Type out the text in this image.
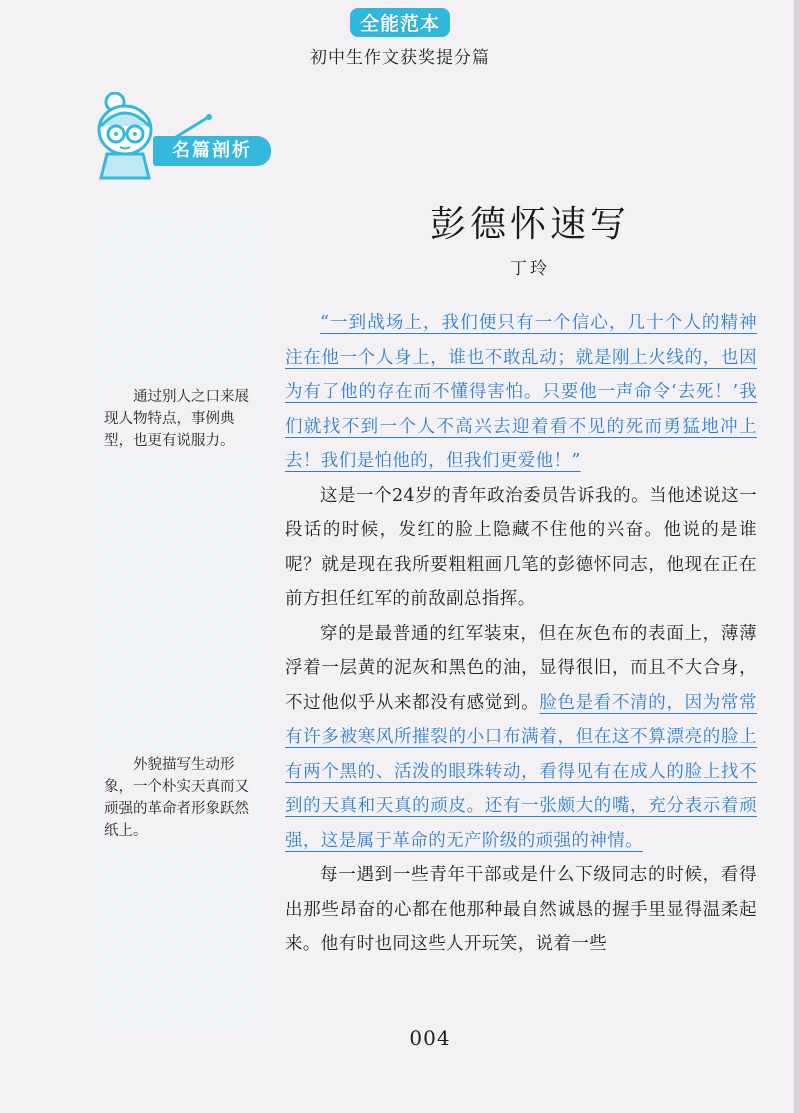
全能范本
初中生作文获奖提分篇
名篇剖析
通过别人之口来展现人物特点，事例典型，也更有说服力。
外貌描写生动形象，一个朴实天真而又顽强的革命者形象跃然纸上。
彭德怀速写
丁玲

“一到战场上，我们便只有一个信心，几十个人的精神注在他一个人身上，谁也不敢乱动；就是刚上火线的，也因为有了他的存在而不懂得害怕。只要他一声命令‘去死！’我们就找不到一个人不高兴去迎着看不见的死而勇猛地冲上去！我们是怕他的，但我们更爱他！”

这是一个24岁的青年政治委员告诉我的。当他述说这一段话的时候，发红的脸上隐藏不住他的兴奋。他说的是谁呢？就是现在我所要粗粗画几笔的彭德怀同志，他现在正在前方担任红军的前敌副总指挥。

穿的是最普通的红军装束，但在灰色布的表面上，薄薄浮着一层黄的泥灰和黑色的油，显得很旧，而且不大合身，不过他似乎从来都没有感觉到。脸色是看不清的，因为常常有许多被寒风所摧裂的小口布满着，但在这不算漂亮的脸上有两个黑的、活泼的眼珠转动，看得见有在成人的脸上找不到的天真和天真的顽皮。还有一张颇大的嘴，充分表示着顽强，这是属于革命的无产阶级的顽强的神情。

每一遇到一些青年干部或是什么下级同志的时候，看得出那些昂奋的心都在他那种最自然诚恳的握手里显得温柔起来。他有时也同这些人开玩笑，说着一些

004
